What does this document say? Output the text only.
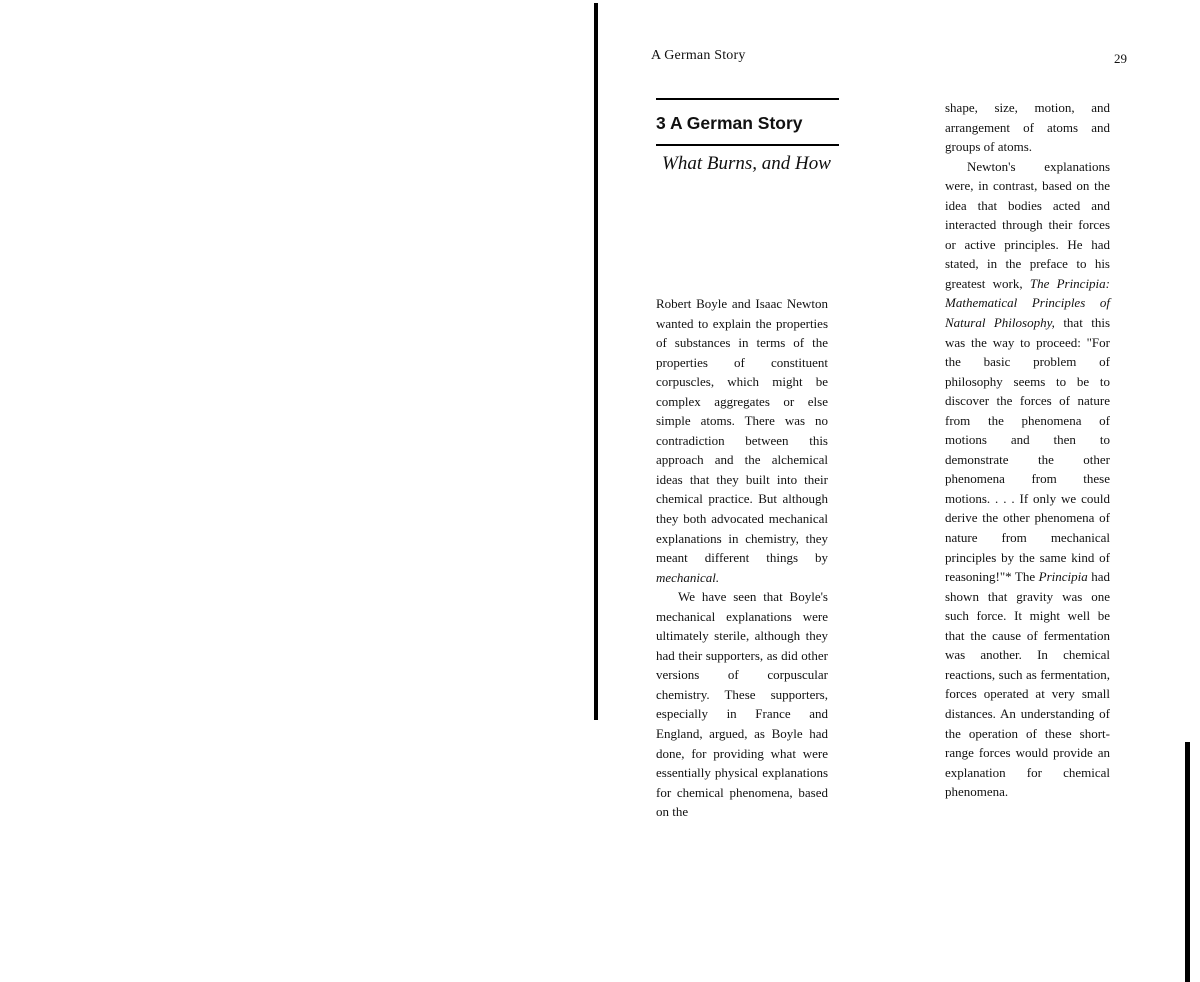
A German Story	29
3 A German Story
What Burns, and How

Robert Boyle and Isaac Newton wanted to explain the properties of substances in terms of the properties of constituent corpuscles, which might be complex aggregates or else simple atoms. There was no contradiction between this approach and the alchemical ideas that they built into their chemical practice. But although they both advocated mechanical explanations in chemistry, they meant different things by mechanical.

We have seen that Boyle's mechanical explanations were ultimately sterile, although they had their supporters, as did other versions of corpuscular chemistry. These supporters, especially in France and England, argued, as Boyle had done, for providing what were essentially physical explanations for chemical phenomena, based on the

shape, size, motion, and arrangement of atoms and groups of atoms.

Newton's explanations were, in contrast, based on the idea that bodies acted and interacted through their forces or active principles. He had stated, in the preface to his greatest work, The Principia: Mathematical Principles of Natural Philosophy, that this was the way to proceed: "For the basic problem of philosophy seems to be to discover the forces of nature from the phenomena of motions and then to demonstrate the other phenomena from these motions. . . . If only we could derive the other phenomena of nature from mechanical principles by the same kind of reasoning!"* The Principia had shown that gravity was one such force. It might well be that the cause of fermentation was another. In chemical reactions, such as fermentation, forces operated at very small distances. An understanding of the operation of these short-range forces would provide an explanation for chemical phenomena.
